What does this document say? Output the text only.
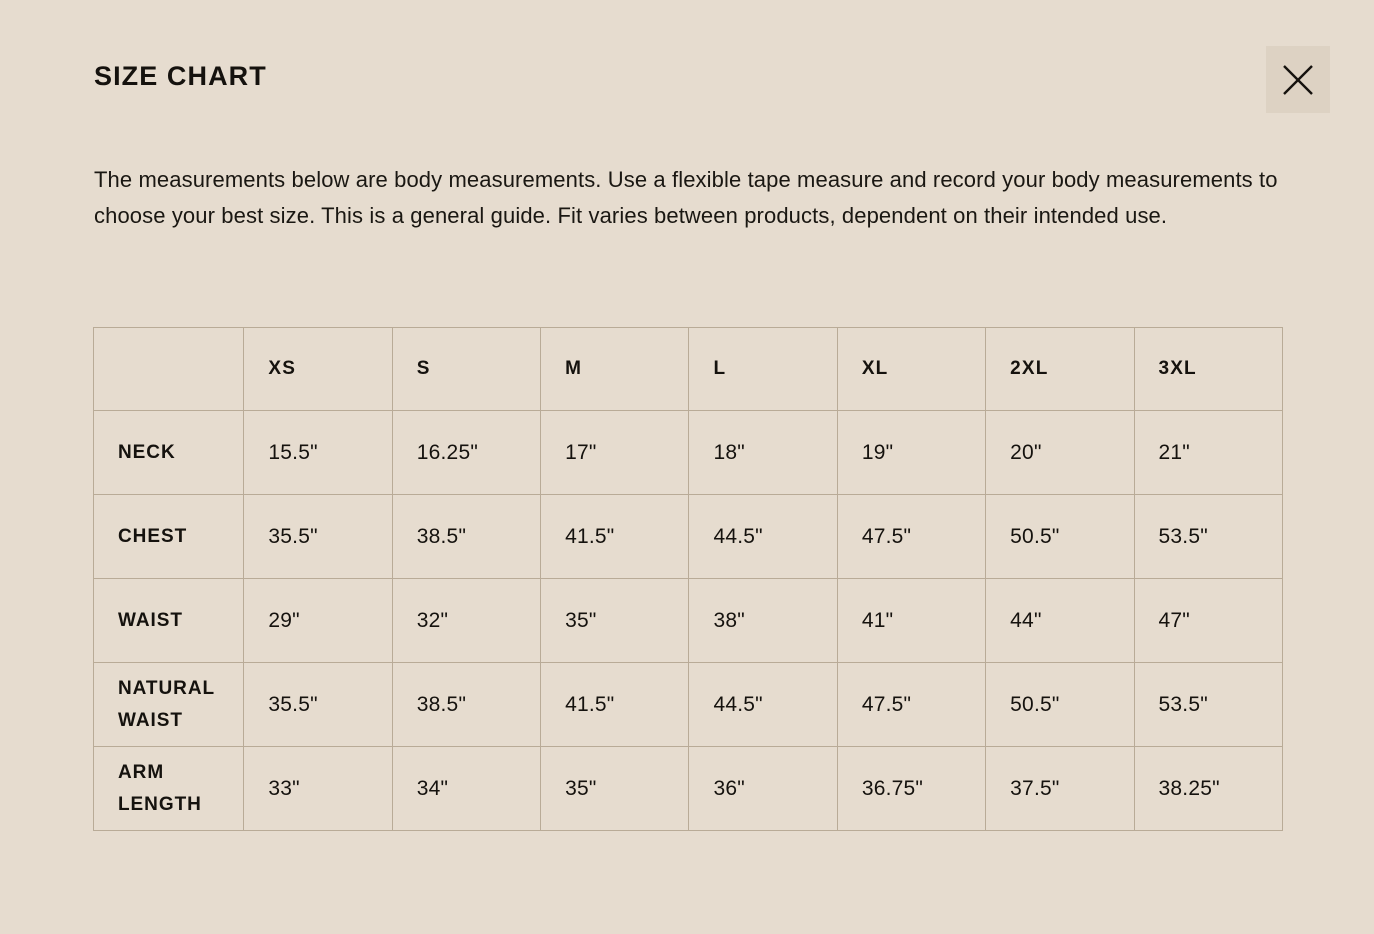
SIZE CHART

The measurements below are body measurements. Use a flexible tape measure and record your body measurements to choose your best size. This is a general guide. Fit varies between products, dependent on their intended use.

	XS	S	M	L	XL	2XL	3XL
NECK	15.5"	16.25"	17"	18"	19"	20"	21"
CHEST	35.5"	38.5"	41.5"	44.5"	47.5"	50.5"	53.5"
WAIST	29"	32"	35"	38"	41"	44"	47"
NATURAL WAIST	35.5"	38.5"	41.5"	44.5"	47.5"	50.5"	53.5"
ARM LENGTH	33"	34"	35"	36"	36.75"	37.5"	38.25"
